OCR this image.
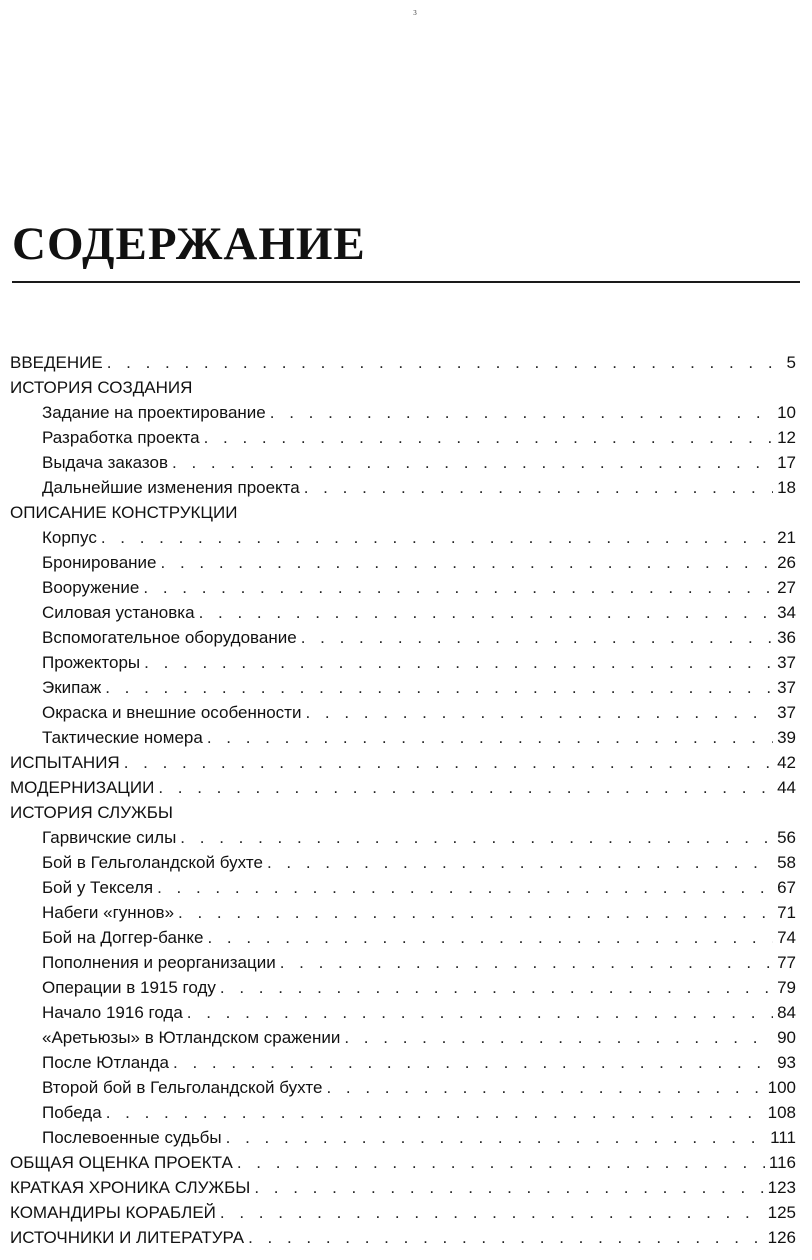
3
СОДЕРЖАНИЕ
ВВЕДЕНИЕ . . .	5
ИСТОРИЯ СОЗДАНИЯ
Задание на проектирование . . .	10
Разработка проекта . . .	12
Выдача заказов . . .	17
Дальнейшие изменения проекта . . .	18
ОПИСАНИЕ КОНСТРУКЦИИ
Корпус . . .	21
Бронирование . . .	26
Вооружение . . .	27
Силовая установка . . .	34
Вспомогательное оборудование . . .	36
Прожекторы . . .	37
Экипаж . . .	37
Окраска и внешние особенности . . .	37
Тактические номера . . .	39
ИСПЫТАНИЯ . . .	42
МОДЕРНИЗАЦИИ . . .	44
ИСТОРИЯ СЛУЖБЫ
Гарвичские силы . . .	56
Бой в Гельголандской бухте . . .	58
Бой у Текселя . . .	67
Набеги «гуннов» . . .	71
Бой на Доггер-банке . . .	74
Пополнения и реорганизации . . .	77
Операции в 1915 году . . .	79
Начало 1916 года . . .	84
«Аретьюзы» в Ютландском сражении . . .	90
После Ютланда . . .	93
Второй бой в Гельголандской бухте . . .	100
Победа . . .	108
Послевоенные судьбы . . .	111
ОБЩАЯ ОЦЕНКА ПРОЕКТА . . .	116
КРАТКАЯ ХРОНИКА СЛУЖБЫ . . .	123
КОМАНДИРЫ КОРАБЛЕЙ . . .	125
ИСТОЧНИКИ И ЛИТЕРАТУРА . . .	126
